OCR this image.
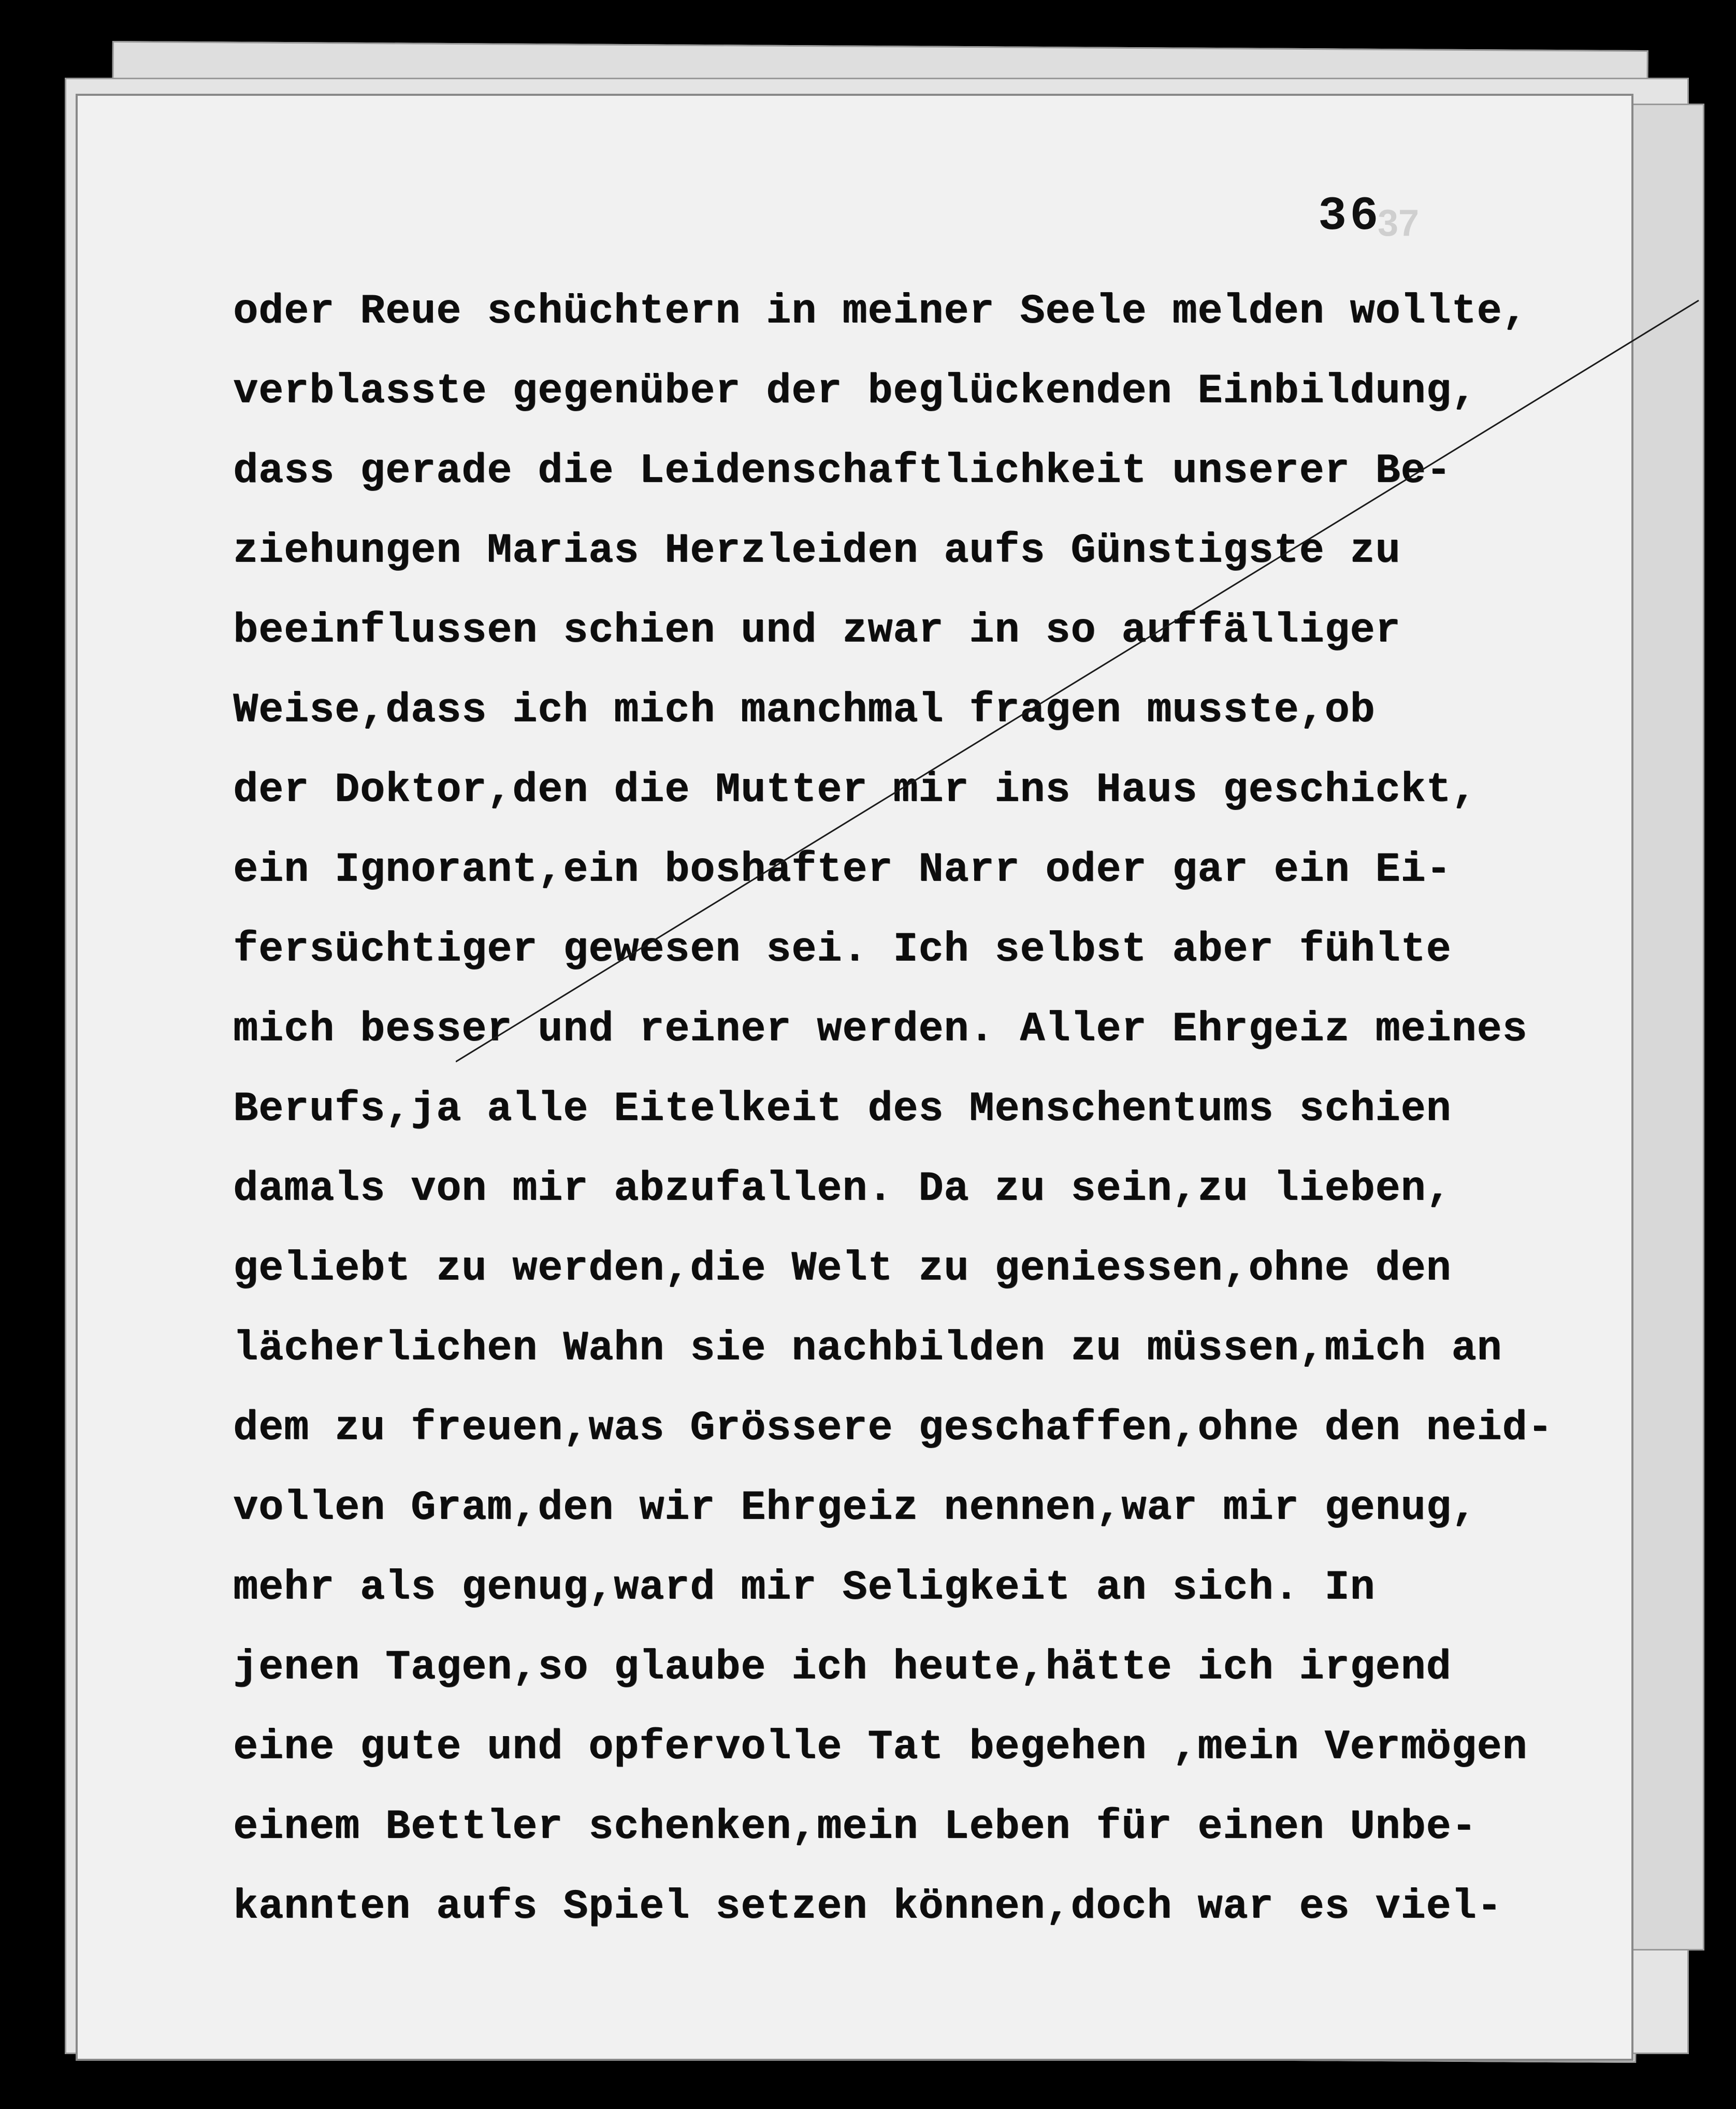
37
36
oder Reue schüchtern in meiner Seele melden wollte,
verblasste gegenüber der beglückenden Einbildung,
dass gerade die Leidenschaftlichkeit unserer Be-
ziehungen Marias Herzleiden aufs Günstigste zu
beeinflussen schien und zwar in so auffälliger
Weise,dass ich mich manchmal fragen musste,ob
der Doktor,den die Mutter mir ins Haus geschickt,
ein Ignorant,ein boshafter Narr oder gar ein Ei-
fersüchtiger gewesen sei. Ich selbst aber fühlte
mich besser und reiner werden. Aller Ehrgeiz meines
Berufs,ja alle Eitelkeit des Menschentums schien
damals von mir abzufallen. Da zu sein,zu lieben,
geliebt zu werden,die Welt zu geniessen,ohne den
lächerlichen Wahn sie nachbilden zu müssen,mich an
dem zu freuen,was Grössere geschaffen,ohne den neid-
vollen Gram,den wir Ehrgeiz nennen,war mir genug,
mehr als genug,ward mir Seligkeit an sich. In
jenen Tagen,so glaube ich heute,hätte ich irgend
eine gute und opfervolle Tat begehen ,mein Vermögen
einem Bettler schenken,mein Leben für einen Unbe-
kannten aufs Spiel setzen können,doch war es viel-
